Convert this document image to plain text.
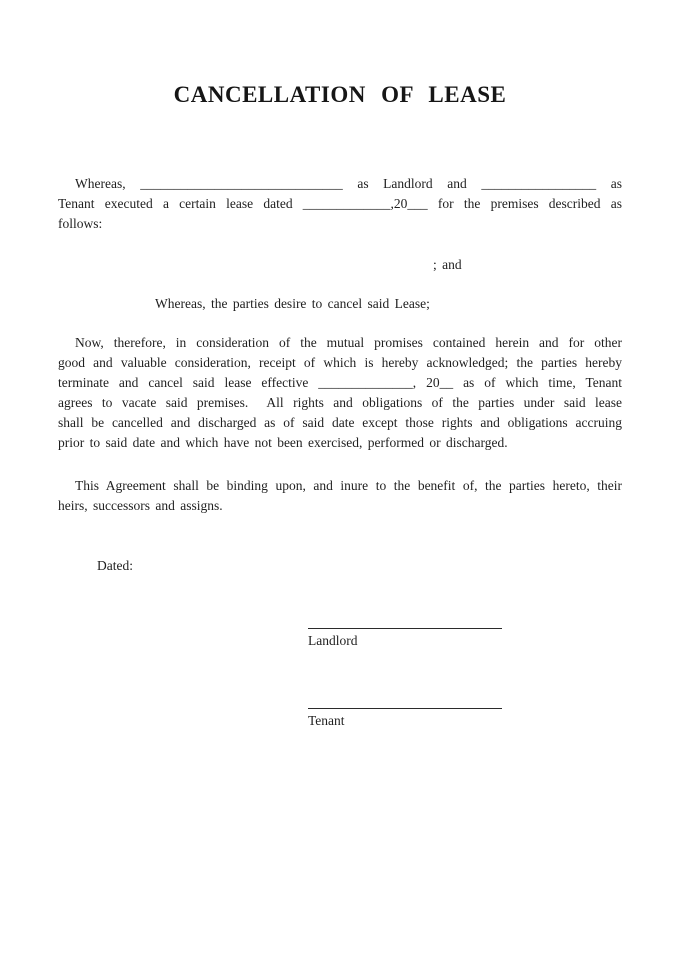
CANCELLATION OF LEASE
Whereas, ______________________________ as Landlord and _________________ as
Tenant executed a certain lease dated _____________,20___ for the premises described as
follows:
; and
Whereas, the parties desire to cancel said Lease;
Now, therefore, in consideration of the mutual promises contained herein and for other
good and valuable consideration, receipt of which is hereby acknowledged; the parties hereby
terminate and cancel said lease effective ______________, 20__ as of which time, Tenant
agrees to vacate said premises.  All rights and obligations of the parties under said lease
shall be cancelled and discharged as of said date except those rights and obligations accruing
prior to said date and which have not been exercised, performed or discharged.
This Agreement shall be binding upon, and inure to the benefit of, the parties hereto, their
heirs, successors and assigns.
Dated:
Landlord
Tenant
